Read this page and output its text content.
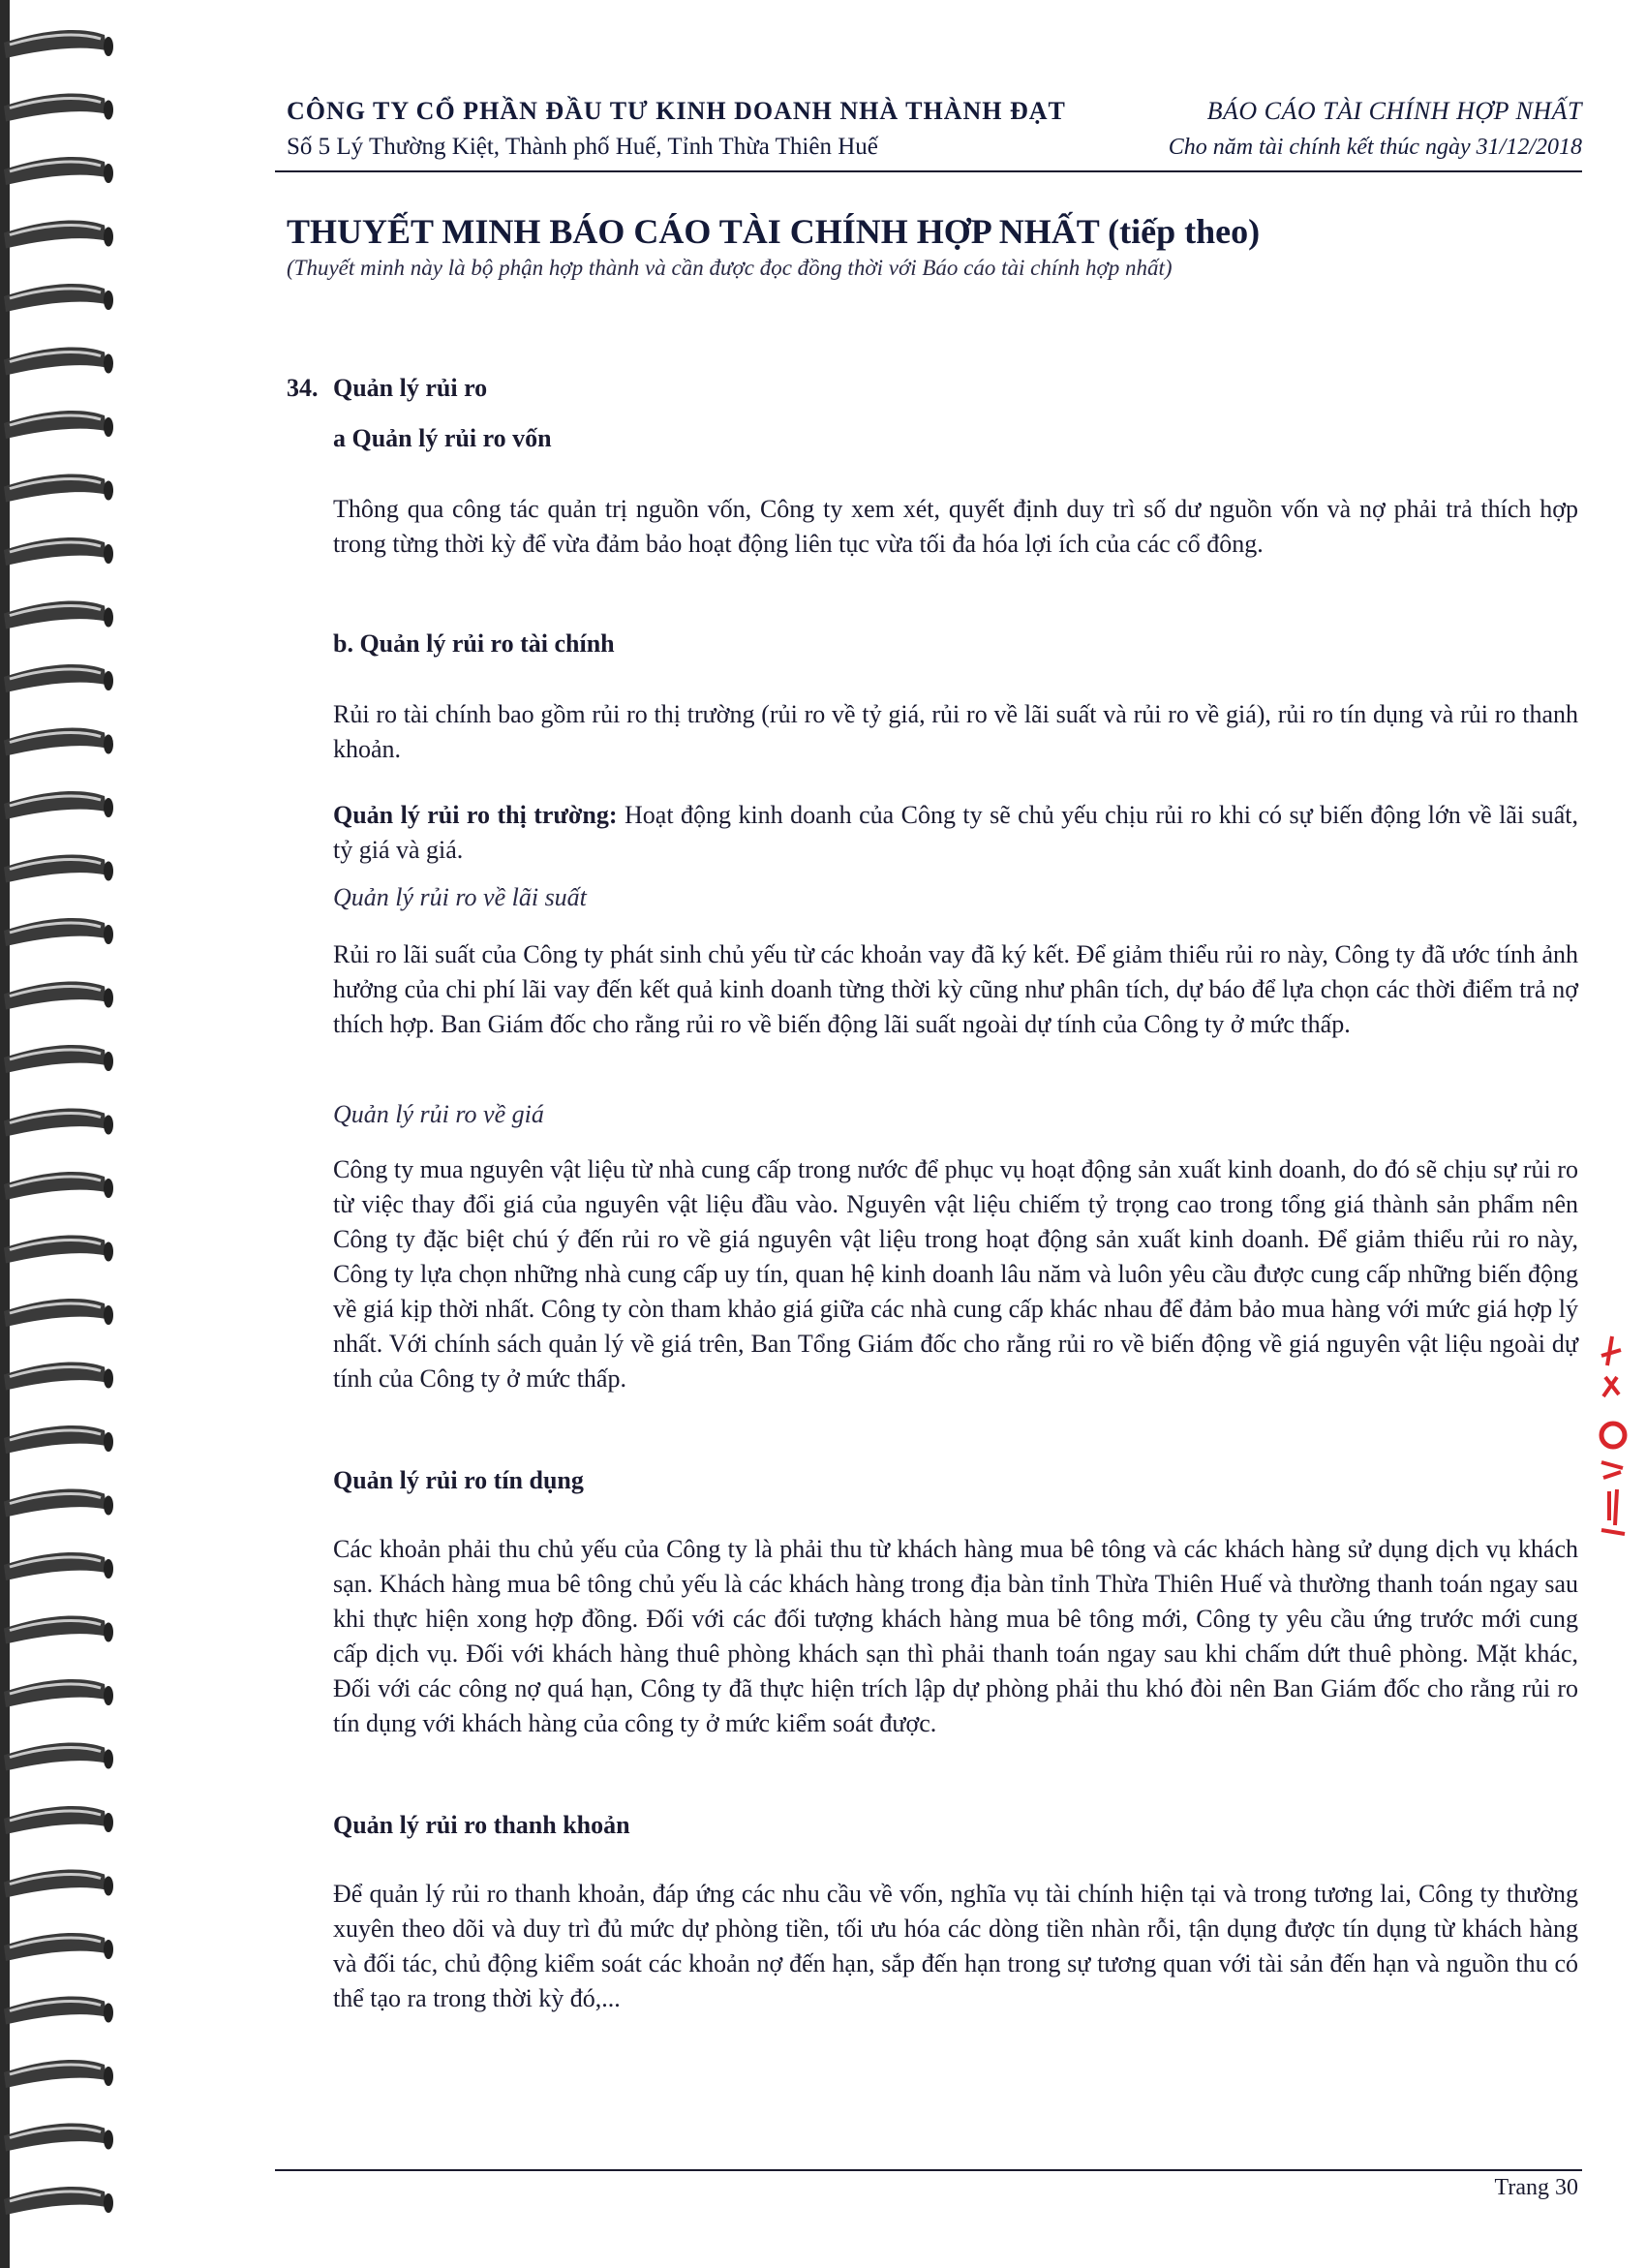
CÔNG TY CỔ PHẦN ĐẦU TƯ KINH DOANH NHÀ THÀNH ĐẠT	BÁO CÁO TÀI CHÍNH HỢP NHẤT
Số 5 Lý Thường Kiệt, Thành phố Huế, Tỉnh Thừa Thiên Huế	Cho năm tài chính kết thúc ngày 31/12/2018
THUYẾT MINH BÁO CÁO TÀI CHÍNH HỢP NHẤT (tiếp theo)
(Thuyết minh này là bộ phận hợp thành và cần được đọc đồng thời với Báo cáo tài chính hợp nhất)
34. Quản lý rủi ro
a Quản lý rủi ro vốn
Thông qua công tác quản trị nguồn vốn, Công ty xem xét, quyết định duy trì số dư nguồn vốn và nợ phải trả thích hợp trong từng thời kỳ để vừa đảm bảo hoạt động liên tục vừa tối đa hóa lợi ích của các cổ đông.
b. Quản lý rủi ro tài chính
Rủi ro tài chính bao gồm rủi ro thị trường (rủi ro về tỷ giá, rủi ro về lãi suất và rủi ro về giá), rủi ro tín dụng và rủi ro thanh khoản.
Quản lý rủi ro thị trường: Hoạt động kinh doanh của Công ty sẽ chủ yếu chịu rủi ro khi có sự biến động lớn về lãi suất, tỷ giá và giá.
Quản lý rủi ro về lãi suất
Rủi ro lãi suất của Công ty phát sinh chủ yếu từ các khoản vay đã ký kết. Để giảm thiểu rủi ro này, Công ty đã ước tính ảnh hưởng của chi phí lãi vay đến kết quả kinh doanh từng thời kỳ cũng như phân tích, dự báo để lựa chọn các thời điểm trả nợ thích hợp. Ban Giám đốc cho rằng rủi ro về biến động lãi suất ngoài dự tính của Công ty ở mức thấp.
Quản lý rủi ro về giá
Công ty mua nguyên vật liệu từ nhà cung cấp trong nước để phục vụ hoạt động sản xuất kinh doanh, do đó sẽ chịu sự rủi ro từ việc thay đổi giá của nguyên vật liệu đầu vào. Nguyên vật liệu chiếm tỷ trọng cao trong tổng giá thành sản phẩm nên Công ty đặc biệt chú ý đến rủi ro về giá nguyên vật liệu trong hoạt động sản xuất kinh doanh. Để giảm thiểu rủi ro này, Công ty lựa chọn những nhà cung cấp uy tín, quan hệ kinh doanh lâu năm và luôn yêu cầu được cung cấp những biến động về giá kịp thời nhất. Công ty còn tham khảo giá giữa các nhà cung cấp khác nhau để đảm bảo mua hàng với mức giá hợp lý nhất. Với chính sách quản lý về giá trên, Ban Tổng Giám đốc cho rằng rủi ro về biến động về giá nguyên vật liệu ngoài dự tính của Công ty ở mức thấp.
Quản lý rủi ro tín dụng
Các khoản phải thu chủ yếu của Công ty là phải thu từ khách hàng mua bê tông và các khách hàng sử dụng dịch vụ khách sạn. Khách hàng mua bê tông chủ yếu là các khách hàng trong địa bàn tỉnh Thừa Thiên Huế và thường thanh toán ngay sau khi thực hiện xong hợp đồng. Đối với các đối tượng khách hàng mua bê tông mới, Công ty yêu cầu ứng trước mới cung cấp dịch vụ. Đối với khách hàng thuê phòng khách sạn thì phải thanh toán ngay sau khi chấm dứt thuê phòng. Mặt khác, Đối với các công nợ quá hạn, Công ty đã thực hiện trích lập dự phòng phải thu khó đòi nên Ban Giám đốc cho rằng rủi ro tín dụng với khách hàng của công ty ở mức kiểm soát được.
Quản lý rủi ro thanh khoản
Để quản lý rủi ro thanh khoản, đáp ứng các nhu cầu về vốn, nghĩa vụ tài chính hiện tại và trong tương lai, Công ty thường xuyên theo dõi và duy trì đủ mức dự phòng tiền, tối ưu hóa các dòng tiền nhàn rỗi, tận dụng được tín dụng từ khách hàng và đối tác, chủ động kiểm soát các khoản nợ đến hạn, sắp đến hạn trong sự tương quan với tài sản đến hạn và nguồn thu có thể tạo ra trong thời kỳ đó,...
Trang 30
